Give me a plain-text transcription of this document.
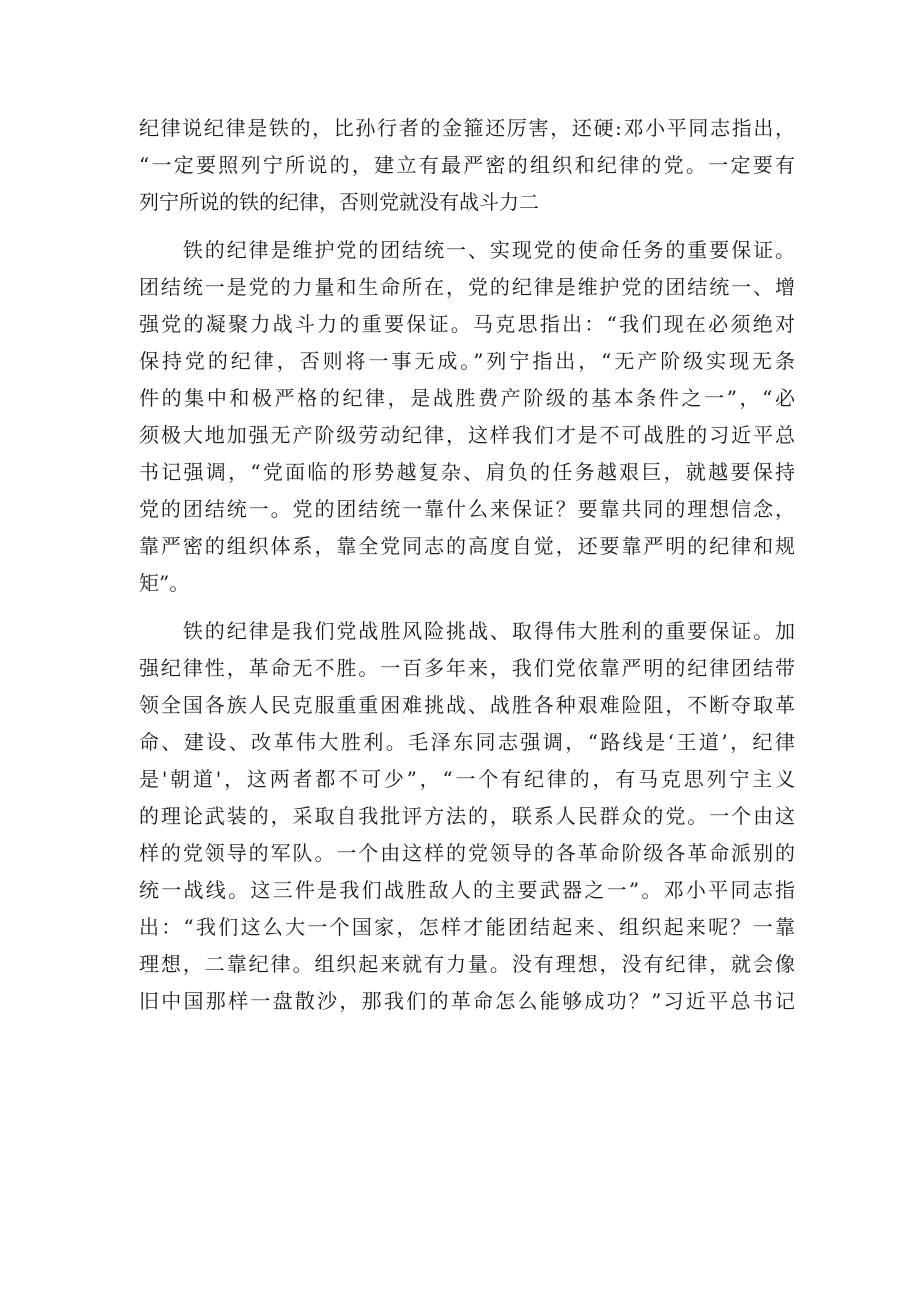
纪律说纪律是铁的，比孙行者的金箍还厉害，还硬:邓小平同志指出，
“一定要照列宁所说的，建立有最严密的组织和纪律的党。一定要有
列宁所说的铁的纪律，否则党就没有战斗力二
　　铁的纪律是维护党的团结统一、实现党的使命任务的重要保证。
团结统一是党的力量和生命所在，党的纪律是维护党的团结统一、增
强党的凝聚力战斗力的重要保证。马克思指出：“我们现在必须绝对
保持党的纪律，否则将一事无成。”列宁指出，“无产阶级实现无条
件的集中和极严格的纪律，是战胜费产阶级的基本条件之一”，“必
须极大地加强无产阶级劳动纪律，这样我们才是不可战胜的习近平总
书记强调，“党面临的形势越复杂、肩负的任务越艰巨，就越要保持
党的团结统一。党的团结统一靠什么来保证？要靠共同的理想信念，
靠严密的组织体系，靠全党同志的高度自觉，还要靠严明的纪律和规
矩”。
　　铁的纪律是我们党战胜风险挑战、取得伟大胜利的重要保证。加
强纪律性，革命无不胜。一百多年来，我们党依靠严明的纪律团结带
领全国各族人民克服重重困难挑战、战胜各种艰难险阻，不断夺取革
命、建设、改革伟大胜利。毛泽东同志强调，“路线是‘王道’，纪律
是'朝道'，这两者都不可少”，“一个有纪律的，有马克思列宁主义
的理论武装的，采取自我批评方法的，联系人民群众的党。一个由这
样的党领导的军队。一个由这样的党领导的各革命阶级各革命派别的
统一战线。这三件是我们战胜敌人的主要武器之一”。邓小平同志指
出：“我们这么大一个国家，怎样才能团结起来、组织起来呢？一靠
理想，二靠纪律。组织起来就有力量。没有理想，没有纪律，就会像
旧中国那样一盘散沙，那我们的革命怎么能够成功？”习近平总书记
